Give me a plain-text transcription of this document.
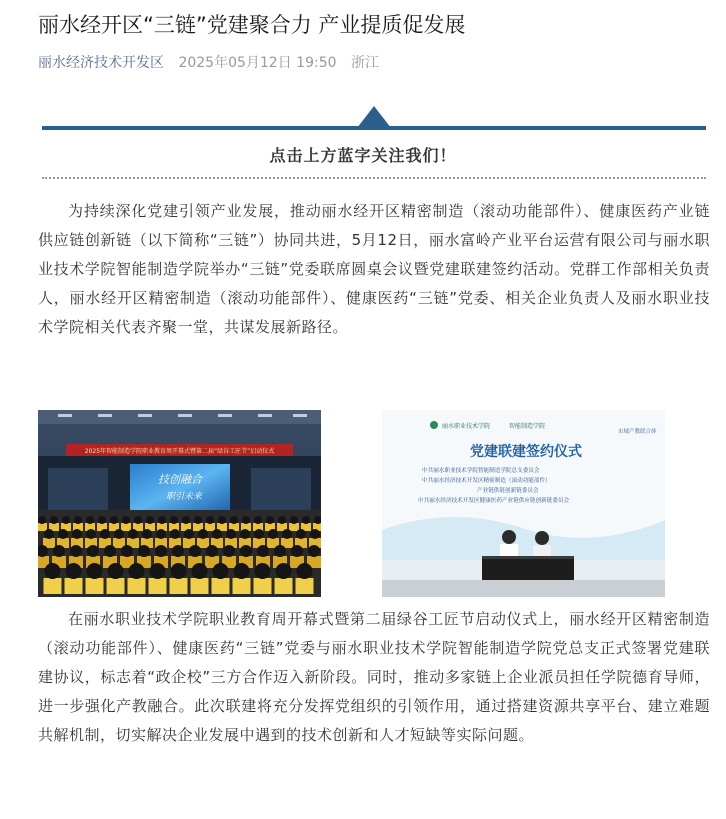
丽水经开区“三链”党建聚合力 产业提质促发展
丽水经济技术开发区 2025年05月12日 19:50 浙江
点击上方蓝字关注我们！

为持续深化党建引领产业发展，推动丽水经开区精密制造（滚动功能部件）、健康医药产业链供应链创新链（以下简称“三链”）协同共进，5月12日，丽水富岭产业平台运营有限公司与丽水职业技术学院智能制造学院举办“三链”党委联席圆桌会议暨党建联建签约活动。党群工作部相关负责人，丽水经开区精密制造（滚动功能部件）、健康医药“三链”党委、相关企业负责人及丽水职业技术学院相关代表齐聚一堂，共谋发展新路径。

2025年智能制造学院职业教育周开幕式暨第二届“绿谷工匠节”启动仪式
技创融合
职引未来
丽水职业技术学院	智能制造学院
市域产教联合体
党建联建签约仪式
中共丽水职业技术学院智能制造学院总支委员会
中共丽水经济技术开发区精密制造（滚动功能部件）
产业链供链创新链委员会
中共丽水经济技术开发区健康医药产业链供应链创新链委员会

在丽水职业技术学院职业教育周开幕式暨第二届绿谷工匠节启动仪式上，丽水经开区精密制造（滚动功能部件）、健康医药“三链”党委与丽水职业技术学院智能制造学院党总支正式签署党建联建协议，标志着“政企校”三方合作迈入新阶段。同时，推动多家链上企业派员担任学院德育导师，进一步强化产教融合。此次联建将充分发挥党组织的引领作用，通过搭建资源共享平台、建立难题共解机制，切实解决企业发展中遇到的技术创新和人才短缺等实际问题。
